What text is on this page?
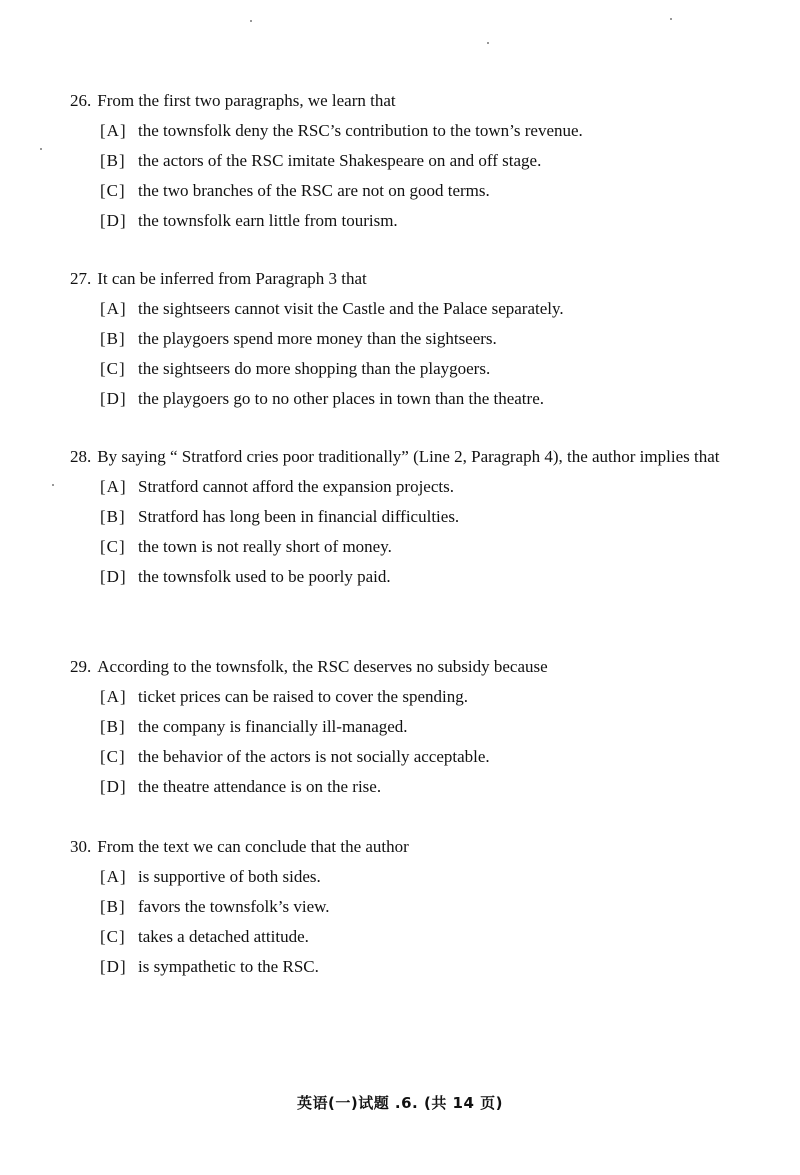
26. From the first two paragraphs, we learn that

[A] the townsfolk deny the RSC’s contribution to the town’s revenue.
[B] the actors of the RSC imitate Shakespeare on and off stage.
[C] the two branches of the RSC are not on good terms.
[D] the townsfolk earn little from tourism.

27. It can be inferred from Paragraph 3 that

[A] the sightseers cannot visit the Castle and the Palace separately.
[B] the playgoers spend more money than the sightseers.
[C] the sightseers do more shopping than the playgoers.
[D] the playgoers go to no other places in town than the theatre.

28. By saying “ Stratford cries poor traditionally” (Line 2, Paragraph 4), the author implies that

[A] Stratford cannot afford the expansion projects.
[B] Stratford has long been in financial difficulties.
[C] the town is not really short of money.
[D] the townsfolk used to be poorly paid.

29. According to the townsfolk, the RSC deserves no subsidy because

[A] ticket prices can be raised to cover the spending.
[B] the company is financially ill-managed.
[C] the behavior of the actors is not socially acceptable.
[D] the theatre attendance is on the rise.

30. From the text we can conclude that the author

[A] is supportive of both sides.
[B] favors the townsfolk’s view.
[C] takes a detached attitude.
[D] is sympathetic to the RSC.
英语(一)试题 .6. (共 14 页)
